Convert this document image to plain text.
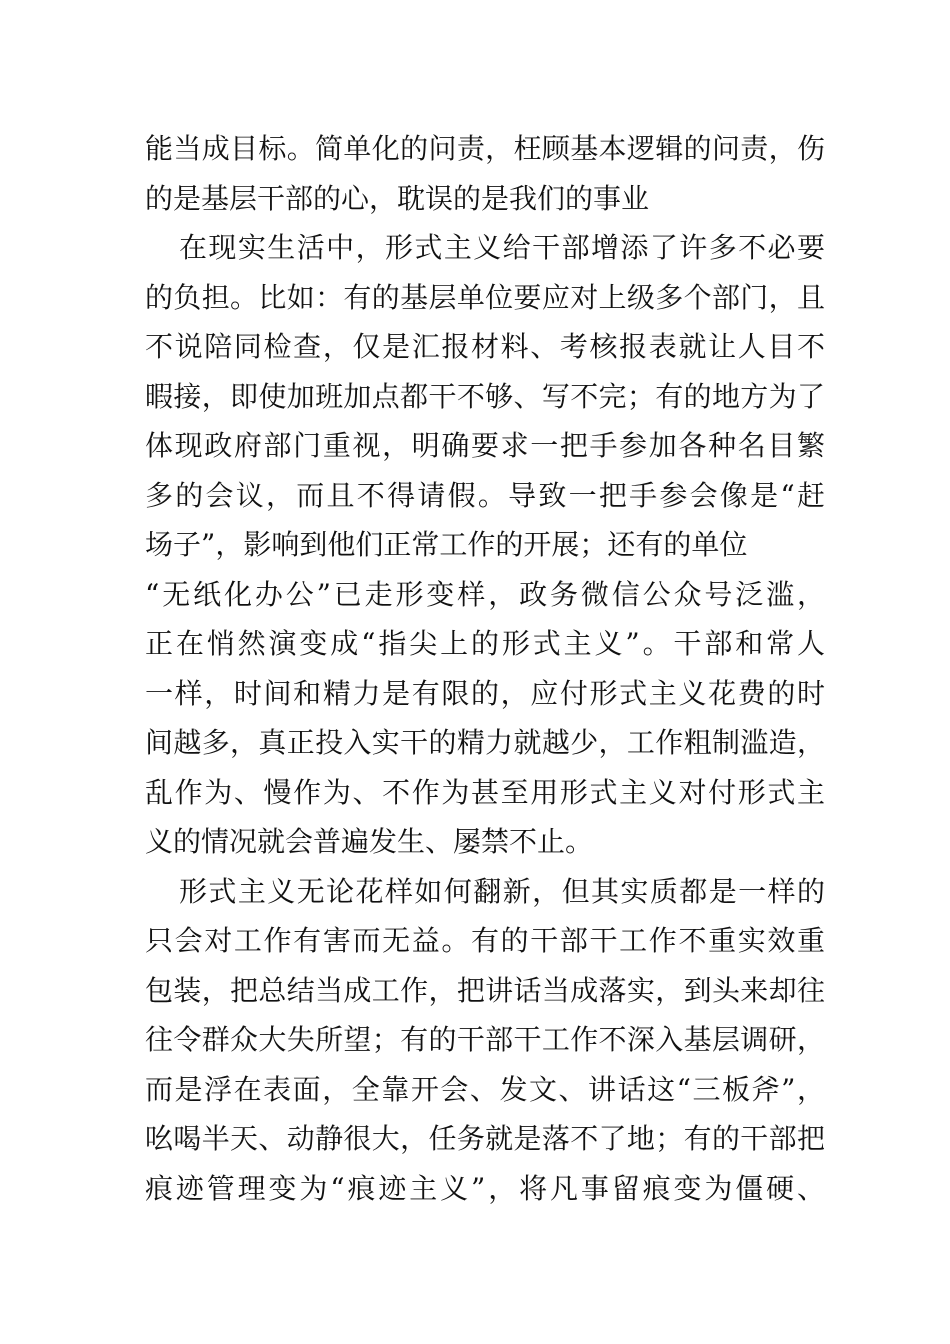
能当成目标。简单化的问责，枉顾基本逻辑的问责，伤
的是基层干部的心，耽误的是我们的事业
在现实生活中，形式主义给干部增添了许多不必要
的负担。比如：有的基层单位要应对上级多个部门，且
不说陪同检查，仅是汇报材料、考核报表就让人目不
暇接，即使加班加点都干不够、写不完；有的地方为了
体现政府部门重视，明确要求一把手参加各种名目繁
多的会议，而且不得请假。导致一把手参会像是“赶
场子”，影响到他们正常工作的开展；还有的单位
“无纸化办公”已走形变样，政务微信公众号泛滥，
正在悄然演变成“指尖上的形式主义”。干部和常人
一样，时间和精力是有限的，应付形式主义花费的时
间越多，真正投入实干的精力就越少，工作粗制滥造，
乱作为、慢作为、不作为甚至用形式主义对付形式主
义的情况就会普遍发生、屡禁不止。
形式主义无论花样如何翻新，但其实质都是一样的
只会对工作有害而无益。有的干部干工作不重实效重
包装，把总结当成工作，把讲话当成落实，到头来却往
往令群众大失所望；有的干部干工作不深入基层调研，
而是浮在表面，全靠开会、发文、讲话这“三板斧”，
吆喝半天、动静很大，任务就是落不了地；有的干部把
痕迹管理变为“痕迹主义”，将凡事留痕变为僵硬、
